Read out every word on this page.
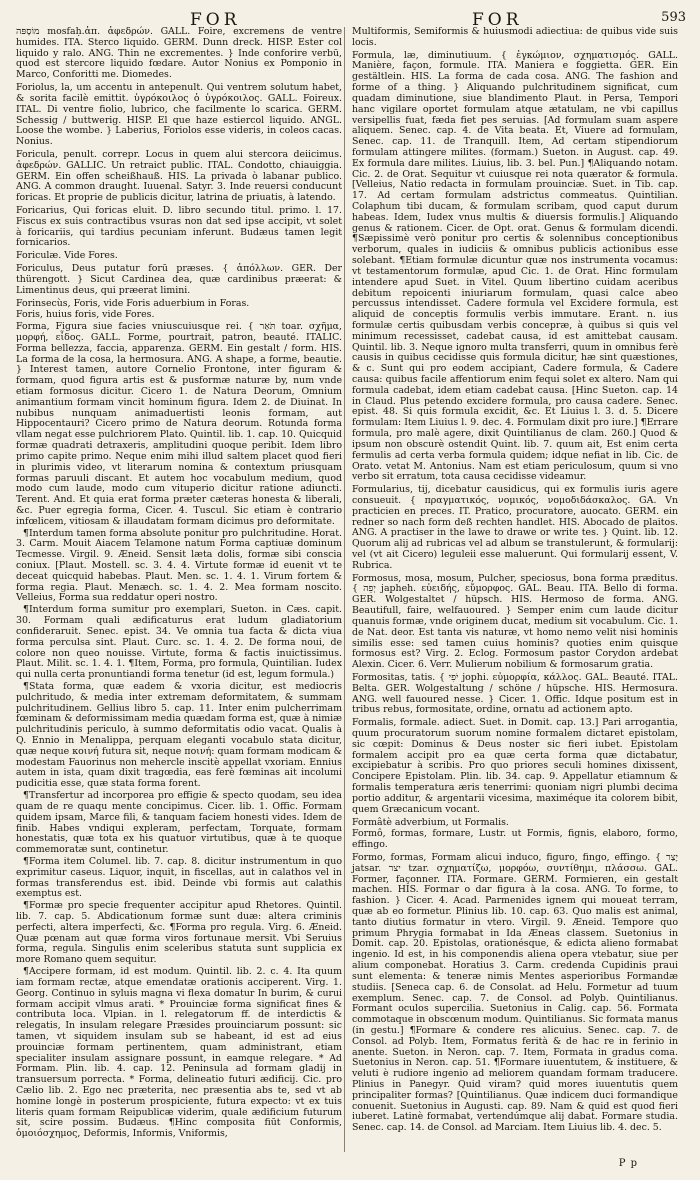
FOR	FOR	593

מוֹסָפּה mosfaḥ.ἀπ. ἀφεδρών. GALL. Foire, excremens de ventre humides. ITA. Sterco liquido. GERM. Dunn dreck. HISP. Ester col liquido y ralo. ANG. Thin ne excrementes. } Inde conforire verbū, quod est stercore liquido fœdare. Autor Nonius ex Pomponio in Marco, Conforitti me. Diomedes.

Foriolus, la, um accentu in antepenult. Qui ventrem solutum habet, & sorita facilè emittit. ὑγρόκοιλος ὁ ὑγρόκοιλος. GALL. Foireux. ITAL. Di ventre fiolio, lubrico, che facilmente lo scarica. GERM. Schessig / buttwerig. HISP. El que haze estiercol liquido. ANGL. Loose the wombe. } Laberius, Foriolos esse videris, in coleos cacas. Nonius.

Foricula, penult. correpr. Locus in quem alui stercora deiicimus. ἀφεδρών. GALLIC. Un retraict public. ITAL. Condotto, chiauiggia. GERM. Ein offen scheißhauß. HIS. La privada ò labanar publico. ANG. A common draught. Iuuenal. Satyr. 3. Inde reuersi conducunt foricas. Et proprie de publicis dicitur, latrina de priuatis, à latendo.

Foricarius, Qui foricas eluit. D. libro secundo titul. primo. l. 17. Fiscus ex suis contractibus vsuras non dat sed ipse accipit, vt solet à foricariis, qui tardius pecuniam inferunt. Budæus tamen legit fornicarios.

Foriculæ. Vide Fores.

Foriculus, Deus putatur forū præses. { ἀπόλλων. GER. Der thürengott. } Sicut Cardinea dea, quæ cardinibus præerat: & Limentinus deus, qui præerat limini.

Forinsecùs, Foris, vide Foris aduerbium in Foras.

Foris, huius foris, vide Fores.

Forma, Figura siue facies vniuscuiusque rei. { תֹּאַר toar. σχῆμα, μορφή, εἶδος. GALL. Forme, pourtrait, patron, beauté. ITALIC. Forma bellezza, faccia, apparenza. GERM. Ein gestalt / form. HIS. La forma de la cosa, la hermosura. ANG. A shape, a forme, beautie. } Interest tamen, autore Cornelio Frontone, inter figuram & formam, quod figura artis est & pusformæ naturæ by, num vnde etiam formosus dicitur. Cicero 1. de Natura Deorum, Omnium animantium formam vincit hominum figura. Idem 2. de Diuinat. In nubibus nunquam animaduertisti leonis formam, aut Hippocentauri? Cicero primo de Natura deorum. Rotunda forma vllam negat esse pulchriorem Plato. Quintil. lib. 1. cap. 10. Quicquid formæ quadrati detraxeris, amplitudini quoque peribit. Idem libro primo capite primo. Neque enim mihi illud saltem placet quod fieri in plurimis video, vt literarum nomina & contextum priusquam formas paruuli discant. Et autem hoc vocabulum medium, quod modo cum laude, modo cum vituperio dicitur ratione adiuncti. Terent. And. Et quia erat forma præter cæteras honesta & liberali, &c. Puer egregia forma, Cicer. 4. Tuscul. Sic etiam è contrario infœlicem, vitiosam & illaudatam formam dicimus pro deformitate.

¶Interdum tamen forma absolute ponitur pro pulchritudine. Horat. 3. Carm. Mouit Aiacem Telamone natum Forma captiuæ dominum Tecmesse. Virgil. 9. Æneid. Sensit læta dolis, formæ sibi conscia coniux. [Plaut. Mostell. sc. 3. 4. 4. Virtute formæ id euenit vt te deceat quicquid habebas. Plaut. Men. sc. 1. 4. 1. Virum fortem & forma regia. Plaut. Menæch. sc. 1. 4. 2. Mea formam noscito. Velleius, Forma sua reddatur operi nostro.

¶Interdum forma sumitur pro exemplari, Sueton. in Cæs. capit. 30. Formam quali ædificaturus erat ludum gladiatorium confideraruit. Senec. epist. 34. Ve omnia tua facta & dicta viua forma perculsa sint. Plaut. Curc. sc. 1. 4. 2. De forma noui, de colore non queo nouisse. Virtute, forma & factis inuictissimus. Plaut. Milit. sc. 1. 4. 1. ¶Item, Forma, pro formula, Quintilian. Iudex qui nulla certa pronuntiandi forma tenetur (id est, legum formula.)

¶Stata forma, quæ eadem & vxoria dicitur, est mediocris pulchritudo, & media inter extremam deformitatem, & summam pulchritudinem. Gellius libro 5. cap. 11. Inter enim pulcherrimam fœminam & deformissimam media quædam forma est, quæ à nimiæ pulchritudinis periculo, à summo deformitatis odio vacat. Qualis à Q. Ennio in Menalippa, perquam eleganti vocabulo stata dicitur, quæ neque κοινή futura sit, neque ποινή: quam formam modicam & modestam Fauorinus non mehercle inscitè appellat vxoriam. Ennius autem in ista, quam dixit tragœdia, eas ferè fœminas ait incolumi pudicitia esse, quæ stata forma forent.

¶Transfertur ad incorporea pro effigie & specto quodam, seu idea quam de re quaqu mente concipimus. Cicer. lib. 1. Offic. Formam quidem ipsam, Marce fili, & tanquam faciem honesti vides. Idem de finib. Habes vndiqui expleram, perfectam, Torquate, formam honestatis, quæ tota ex his quatuor virtutibus, quæ à te quoque commemoratæ sunt, continetur.

¶Forma item Columel. lib. 7. cap. 8. dicitur instrumentum in quo exprimitur caseus. Liquor, inquit, in fiscellas, aut in calathos vel in formas transferendus est. ibid. Deinde vbi formis aut calathis exemptus est.

¶Formæ pro specie frequenter accipitur apud Rhetores. Quintil. lib. 7. cap. 5. Abdicationum formæ sunt duæ: altera criminis perfecti, altera imperfecti, &c. ¶Forma pro regula. Virg. 6. Æneid. Quæ pœnam aut quæ forma viros fortunaue mersit. Vbi Seruius forma, regula. Singulis enim sceleribus statuta sunt supplicia ex more Romano quem sequitur.

¶Accipere formam, id est modum. Quintil. lib. 2. c. 4. Ita quum iam formam rectæ, atque emendatæ orationis acciperent. Virg. 1. Georg. Continuo in syluis magna vi flexa domatur In burim, & curui formam accipit vlmus arati. * Prouinciæ forma significat fines & contributa loca. Vlpian. in l. relegatorum ff. de interdictis & relegatis, In insulam relegare Præsides prouinciarum possunt: sic tamen, vt siquidem insulam sub se habeant, id est ad eius prouinciæ formam pertinentem, quam administrant, etiam specialiter insulam assignare possunt, in eamque relegare. * Ad Formam. Plin. lib. 4. cap. 12. Peninsula ad formam gladij in transuersum porrecta. * Forma, delineatio futuri ædificij. Cic. pro Cælio lib. 2. Ego nec præterita, nec præsentia abs te, sed vt ab homine longè in posterum prospiciente, futura expecto: vt ex tuis literis quam formam Reipublicæ viderim, quale ædificium futurum sit, scire possim. Budæus. ¶Hinc composita fiūt Conformis, ὁμοιόσχημος, Deformis, Informis, Vniformis,

Multiformis, Semiformis & huiusmodi adiectiua: de quibus vide suis locis.

Formula, læ, diminutiuum. { ἐγκώμιον, σχηματισμός. GALL. Manière, façon, formule. ITA. Maniera e foggietta. GER. Ein gestältlein. HIS. La forma de cada cosa. ANG. The fashion and forme of a thing. } Aliquando pulchritudinem significat, cum quadam diminutione, siue blandimento Plaut. in Persa, Tempori hanc vigilare oportet formulam atque ætatulam, ne vbi capillus versipellis fuat, fæda fiet pes seruias. [Ad formulam suam aspere aliquem. Senec. cap. 4. de Vita beata. Et, Viuere ad formulam, Senec. cap. 11. de Tranquill. Item, Ad certam stipendiorum formulam attingere milites. (formam.) Sueton. in August. cap. 49. Ex formula dare milites. Liuius, lib. 3. bel. Pun.] ¶Aliquando notam. Cic. 2. de Orat. Sequitur vt cuiusque rei nota quærator & formula. [Velleius, Natio redacta in formulam prouinciæ. Suet. in Tib. cap. 17. Ad certam formulam adstrictus commeatus. Quintilian. Colaphum tibi ducam, & formulam scribam, quod caput durum habeas. Idem, Iudex vnus multis & diuersis formulis.] Aliquando genus & rationem. Cicer. de Opt. orat. Genus & formulam dicendi. ¶Sæpissimè verò ponitur pro certis & solennibus conceptionibus verborum, quales in iudiciis & omnibus publicis actionibus esse solebant. ¶Etiam formulæ dicuntur quæ nos instrumenta vocamus: vt testamentorum formulæ, apud Cic. 1. de Orat. Hinc formulam intendere apud Suet. in Vitel. Quum libertino cuidam aceribus debitum repoicenti iniuriarum formulam, quasi calce abeo percussus intendisset. Cadere formula vel Excidere formula, est aliquid de conceptis formulis verbis immutare. Erant. n. ius formulæ certis quibusdam verbis concepræ, à quibus si quis vel minimum recessisset, cadebat causa, id est amittebat causam. Quintil. lib. 3. Neque ignoro multa transferri, quum in omnibus ferè causis in quibus cecidisse quis formula dicitur, hæ sint quæstiones, & c. Sunt qui pro eodem accipiant, Cadere formula, & Cadere causa: quibus facile affentiorum enim fequi solet ex altero. Nam qui formula cadebat, idem etiam cadebat causa. [Hinc Sueton. cap. 14 in Claud. Plus petendo excidere formula, pro causa cadere. Senec. epist. 48. Si quis formula excidit, &c. Et Liuius l. 3. d. 5. Dicere formulam: Item Liuius l. 9. dec. 4. Formulam dixit pro iure.] ¶Errare formula, pro malè agere, dixit Quintilianus de clam. 260.] Quod & ipsum non obscurè ostendit Quint. lib. 7. quum ait, Est enim certa fermulis ad certa verba formula quidem; idque nefiat in lib. Cic. de Orato. vetat M. Antonius. Nam est etiam periculosum, quum si vno verbo sit erratum, tota causa cecidisse videamur.

Formularius, tij, dicebatur causidicus, qui ex formulis iuris agere consueuit. { πραγματικός, νομικός, νομοδιδάσκαλος. GA. Vn practicien en preces. IT. Pratico, procuratore, auocato. GERM. ein redner so nach form deß rechten handlet. HIS. Abocado de plaitos. ANG. A practiser in the lawe to drawe or write tes. } Quint. lib. 12. Quorum alij ad rubricas vel ad album se transtulerunt, & formularij: vel (vt ait Cicero) leguleii esse maluerunt. Qui formularij essent, V. Rubrica.

Formosus, mosa, mosum, Pulcher, speciosus, bona forma præditus. { יְפֵה japheh. εὐειδής, εὔμορφος. GAL. Beau. ITA. Bello di forma. GER. Wolgestaltet / hüpsch. HIS. Hermoso de forma. ANG. Beautifull, faire, welfauoured. } Semper enim cum laude dicitur quanuis formæ, vnde originem ducat, medium sit vocabulum. Cic. 1. de Nat. deor. Est tanta vis naturæ, vt homo nemo velit nisi hominis similis esse: sed tamen cuius hominis? quoties enim quisque formosus est? Virg. 2. Eclog. Formosum pastor Corydon ardebat Alexin. Cicer. 6. Verr. Mulierum nobilium & formosarum gratia.

Formositas, tatis. { יֹפִי jophi. εὐμορφία, κάλλος. GAL. Beauté. ITAL. Belta. GER. Wolgestaltung / schöne / hüpsche. HIS. Hermosura. ANG. well fauoured nesse. } Cicer. 1. Offic. Idque positum est in tribus rebus, formositate, ordine, ornatu ad actionem apto.

Formalis, formale. adiect. Suet. in Domit. cap. 13.] Pari arrogantia, quum procuratorum suorum nomine formalem dictaret epistolam, sic cœpit: Dominus & Deus noster sic fieri iubet. Epistolam formalem accipit pro ea quæ certa forma quæ dictabatur, excipiebatur à scribis. Pro quo priores seculi homines dixissent, Concipere Epistolam. Plin. lib. 34. cap. 9. Appellatur etiamnum & formalis temperatura æris tenerrimi: quoniam nigri plumbi decima portio additur, & argentarii vicesima, maximéque ita colorem bibit, quem Græcanicum vocant.

Formâtè adverbium, ut Formalis.

Formô, formas, formare, Lustr. ut Formis, fignis, elaboro, formo, effingo.

Formo, formas, Formam alicui induco, figuro, fingo, effingo. { יָצַר jatsar. יצר tzar. σχηματίζω, μορφόω, συντίθημι, πλάσσω. GAL. Former, façonner. ITA. Formare. GERM. Formieren, ein gestalt machen. HIS. Formar o dar figura à la cosa. ANG. To forme, to fashion. } Cicer. 4. Acad. Parmenides ignem qui moueat terram, quæ ab eo formetur. Plinius lib. 10. cap. 63. Quo malis est animal, tanto diutius formatur in vtero. Virgil. 9. Æneid. Tempore quo primum Phrygia formabat in Ida Æneas classem. Suetonius in Domit. cap. 20. Epistolas, orationésque, & edicta alieno formabat ingenio. Id est, in his componendis aliena opera vtebatur, siue per alium componebat. Horatius 3. Carm. credenda Cupidinis praui sunt elementa: & teneræ nimis Mentes asperioribus Formandæ studiis. [Seneca cap. 6. de Consolat. ad Helu. Formetur ad tuum exemplum. Senec. cap. 7. de Consol. ad Polyb. Quintilianus. Formant oculos supercilia. Suetonius in Calig. cap. 56. Formata commotaque in obscœnum modum. Quintilianus. Sic formata manus (in gestu.] ¶Formare & condere res alicuius. Senec. cap. 7. de Consol. ad Polyb. Item, Formatus ferità & de hac re in ferinio in anente. Sueton. in Neron. cap. 7. Item, Formata in gradus coma. Suetonius in Neron. cap. 51. ¶Formare iuuentutem, & instituere, & veluti è rudiore ingenio ad meliorem quandam formam traducere. Plinius in Panegyr. Quid viram? quid mores iuuentutis quem principaliter formas? [Quintilianus. Quæ indicem duci formandique conuenit. Suetonius in Augusti. cap. 89. Nam & quid est quod fieri iuberet. Latinè formabat, vertendúmque alij dabat. Formare studia. Senec. cap. 14. de Consol. ad Marciam. Item Liuius lib. 4. dec. 5.

P p
